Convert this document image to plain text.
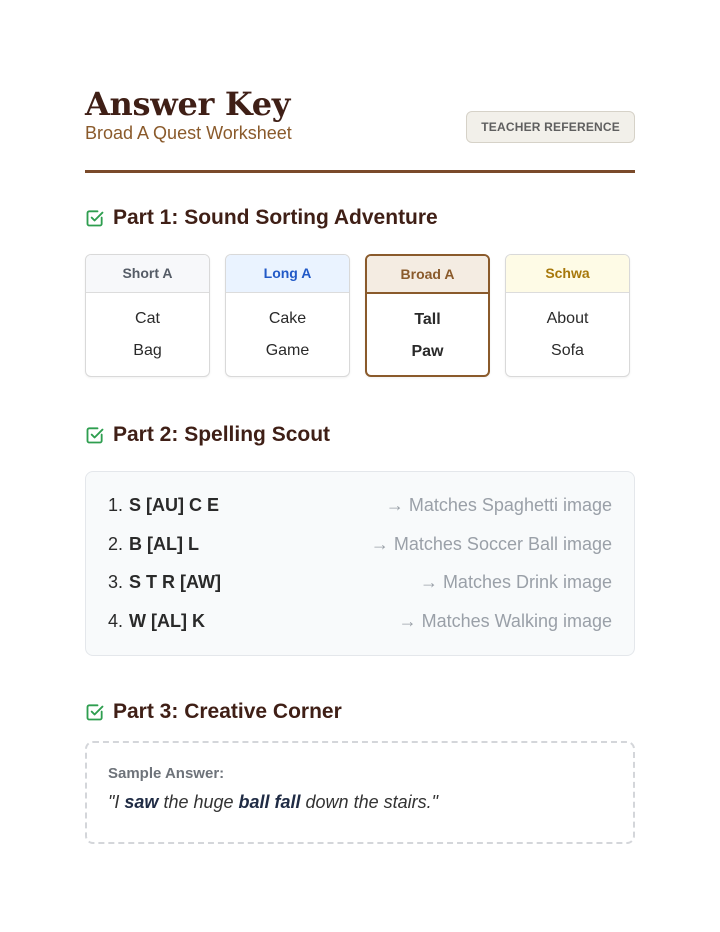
Answer Key
Broad A Quest Worksheet	TEACHER REFERENCE
Part 1: Sound Sorting Adventure
Short A
Cat
Bag
Long A
Cake
Game
Broad A
Tall
Paw
Schwa
About
Sofa
Part 2: Spelling Scout
1. S [AU] C E	→ Matches Spaghetti image
2. B [AL] L	→ Matches Soccer Ball image
3. S T R [AW]	→ Matches Drink image
4. W [AL] K	→ Matches Walking image
Part 3: Creative Corner
Sample Answer:
"I saw the huge ball fall down the stairs."
